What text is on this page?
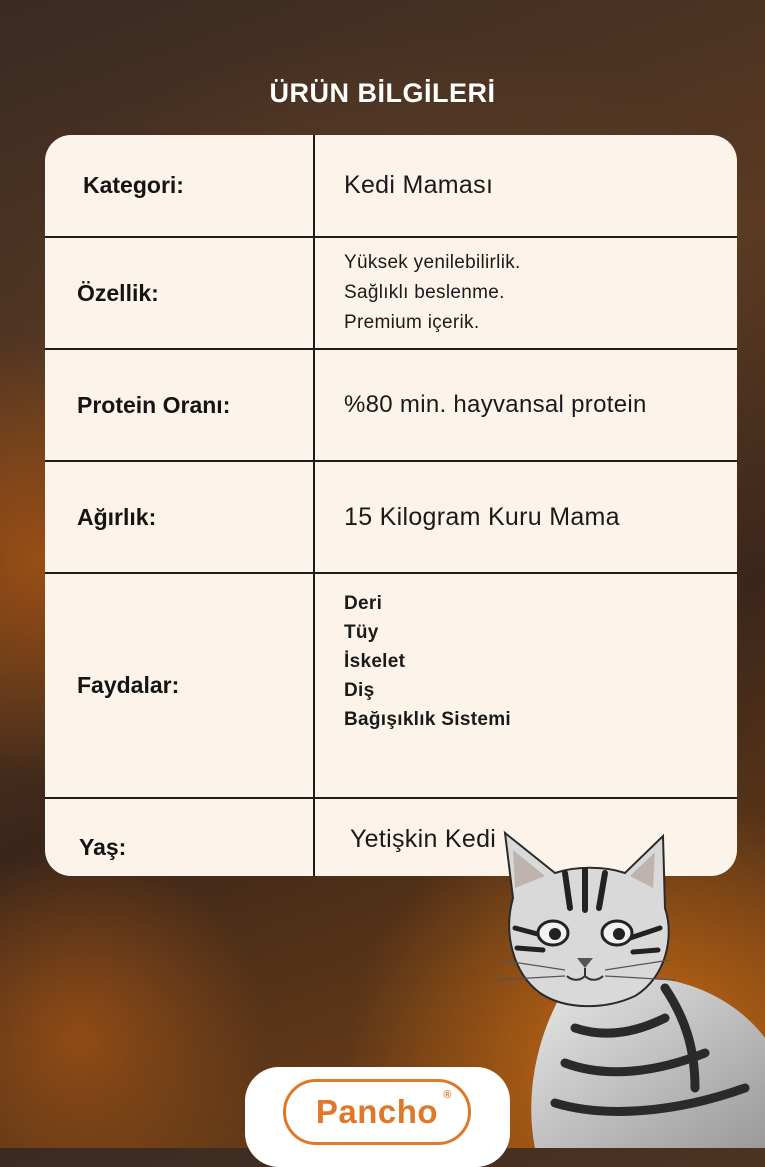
ÜRÜN BİLGİLERİ
Kategori:	Kedi Maması
Özellik:
Yüksek yenilebilirlik.
Sağlıklı beslenme.
Premium içerik.
Protein Oranı:	%80 min. hayvansal protein
Ağırlık:	15 Kilogram Kuru Mama
Faydalar:
Deri
Tüy
İskelet
Diş
Bağışıklık Sistemi
Yaş:	Yetişkin Kedi
Pancho ®
